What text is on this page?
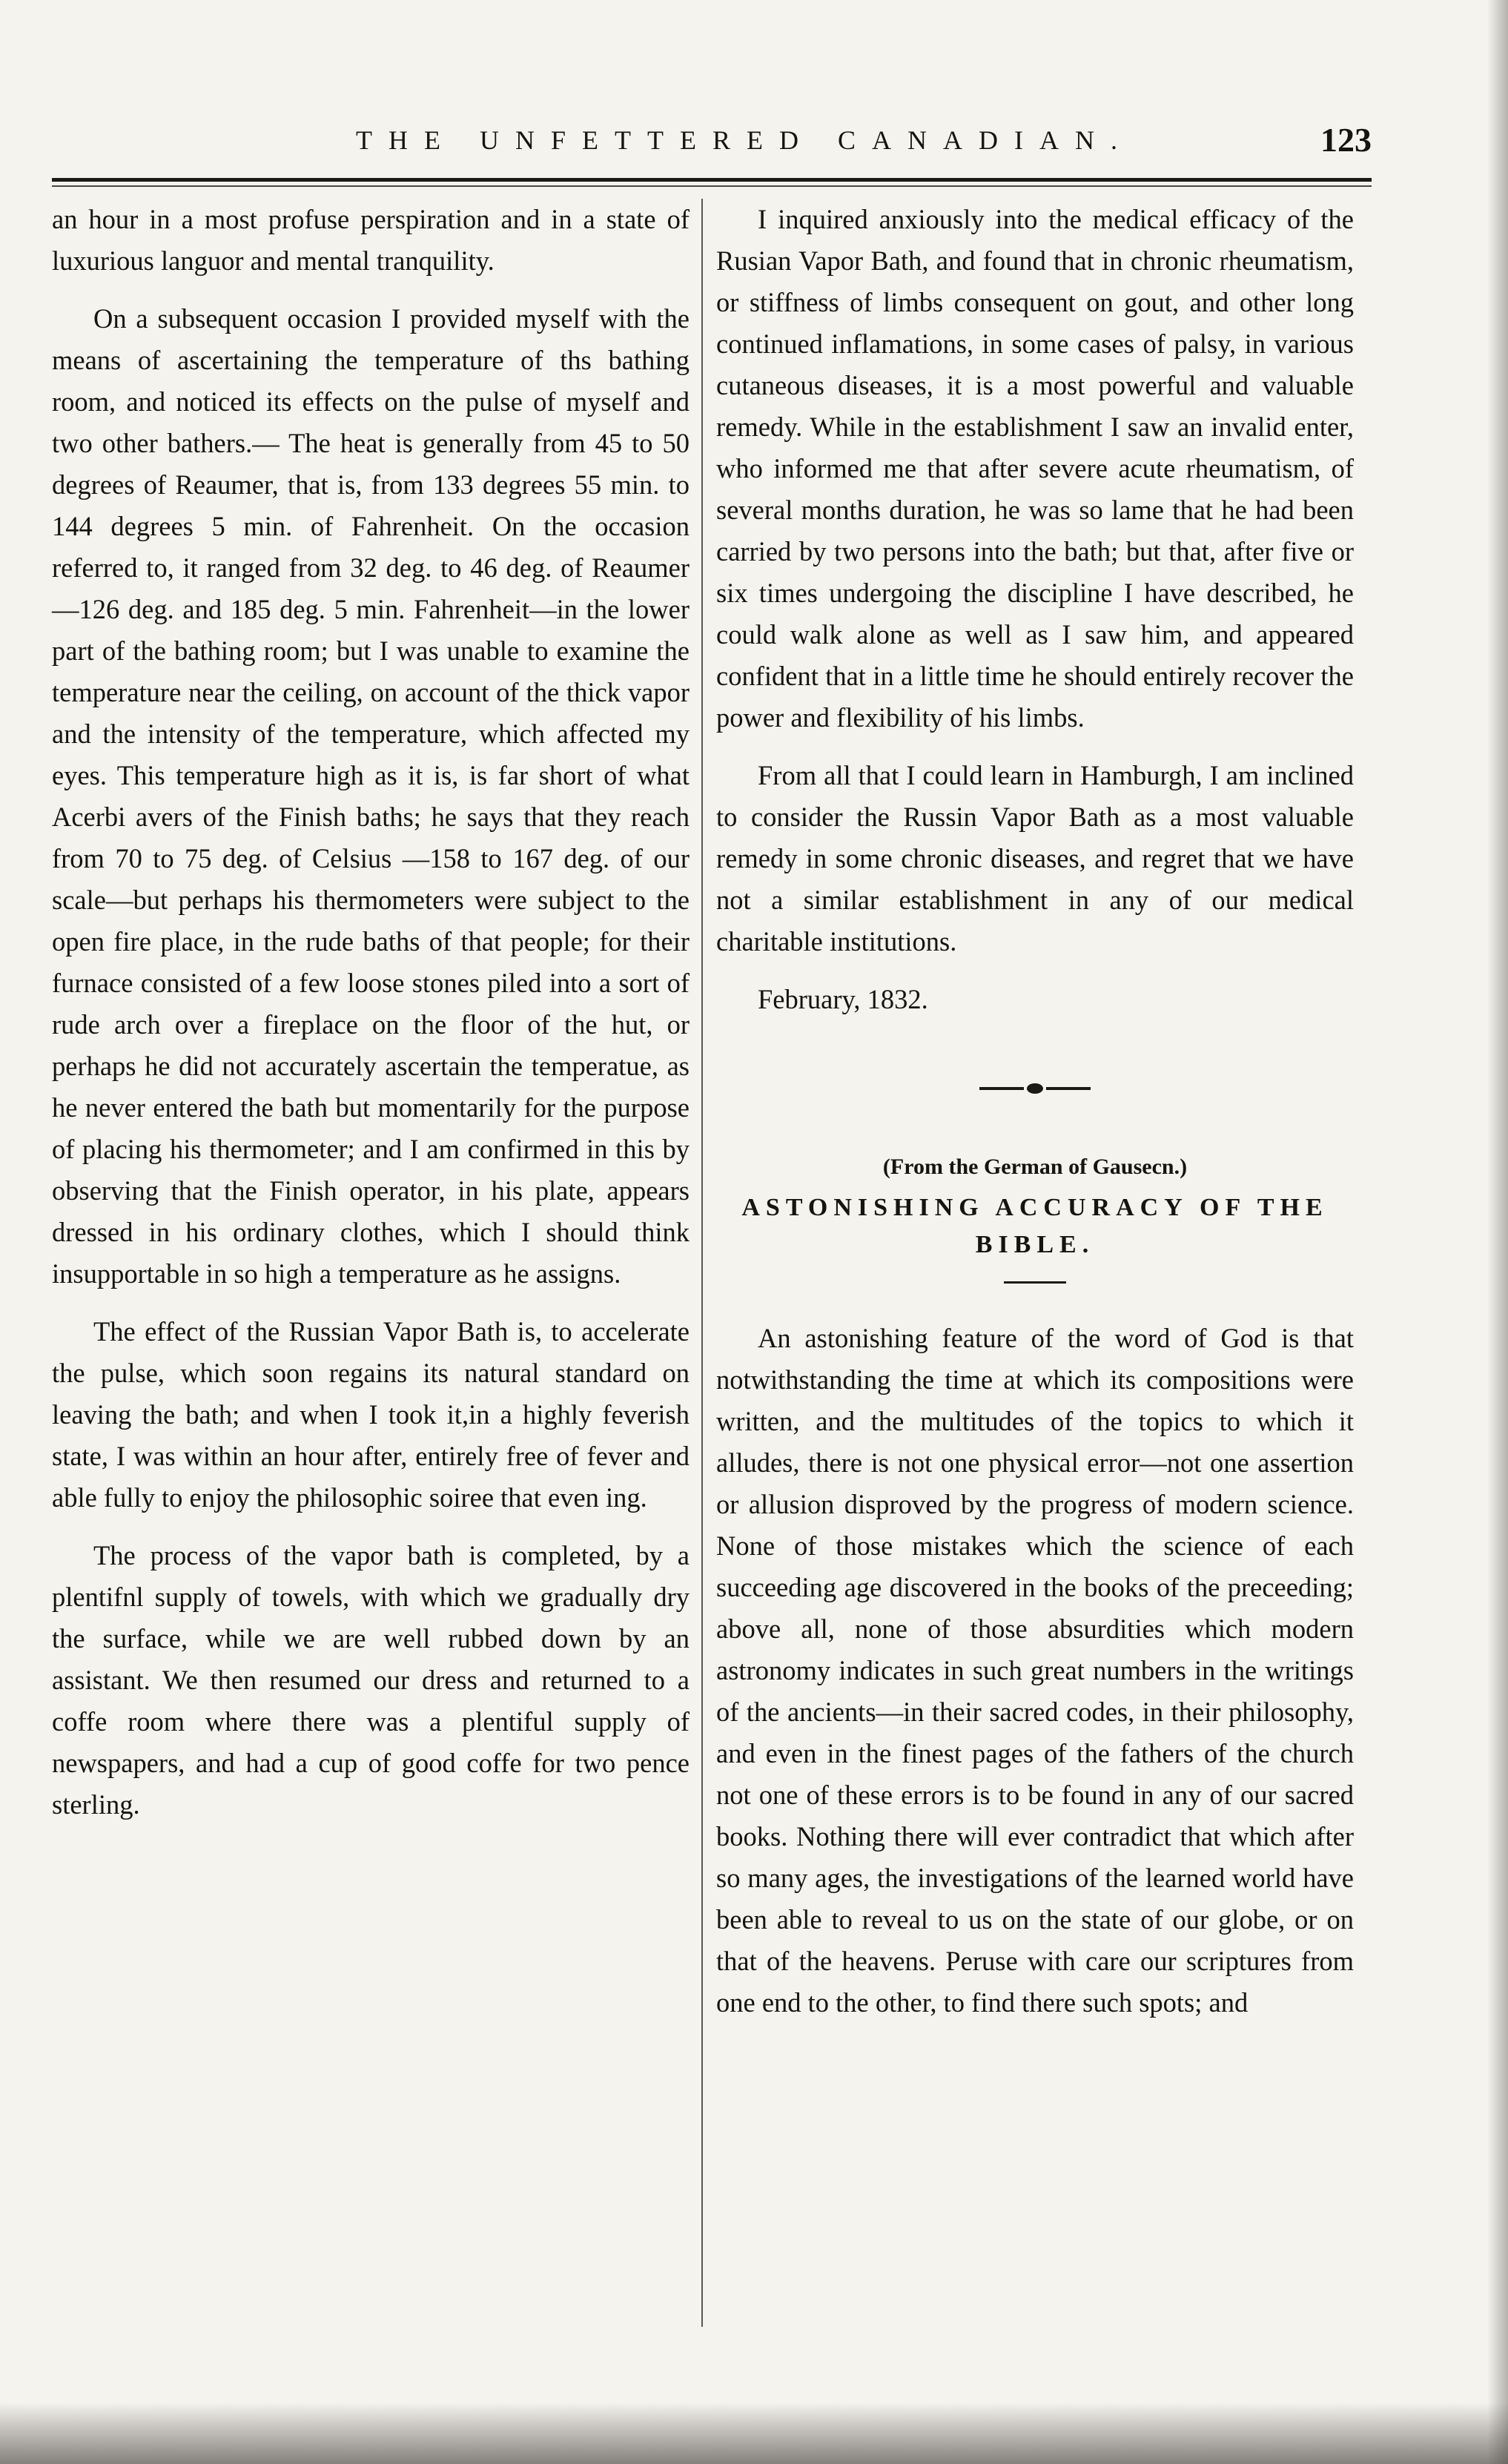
THE UNFETTERED CANADIAN.	123

an hour in a most profuse perspiration and in a state of luxurious languor and mental tranquility.

On a subsequent occasion I provided myself with the means of ascertaining the temperature of ths bathing room, and noticed its effects on the pulse of myself and two other bathers.— The heat is generally from 45 to 50 degrees of Reaumer, that is, from 133 degrees 55 min. to 144 degrees 5 min. of Fahrenheit. On the occasion referred to, it ranged from 32 deg. to 46 deg. of Reaumer—126 deg. and 185 deg. 5 min. Fahrenheit—in the lower part of the bathing room; but I was unable to examine the temperature near the ceiling, on account of the thick vapor and the intensity of the temperature, which affected my eyes. This temperature high as it is, is far short of what Acerbi avers of the Finish baths; he says that they reach from 70 to 75 deg. of Celsius —158 to 167 deg. of our scale—but perhaps his thermometers were subject to the open fire place, in the rude baths of that people; for their furnace consisted of a few loose stones piled into a sort of rude arch over a fireplace on the floor of the hut, or perhaps he did not accurately ascertain the temperatue, as he never entered the bath but momentarily for the purpose of placing his thermometer; and I am confirmed in this by observing that the Finish operator, in his plate, appears dressed in his ordinary clothes, which I should think insupportable in so high a temperature as he assigns.

The effect of the Russian Vapor Bath is, to accelerate the pulse, which soon regains its natural standard on leaving the bath; and when I took it,in a highly feverish state, I was within an hour after, entirely free of fever and able fully to enjoy the philosophic soiree that even ing.

The process of the vapor bath is completed, by a plentifnl supply of towels, with which we gradually dry the surface, while we are well rubbed down by an assistant. We then resumed our dress and returned to a coffe room where there was a plentiful supply of newspapers, and had a cup of good coffe for two pence sterling.

I inquired anxiously into the medical efficacy of the Rusian Vapor Bath, and found that in chronic rheumatism, or stiffness of limbs consequent on gout, and other long continued inflamations, in some cases of palsy, in various cutaneous diseases, it is a most powerful and valuable remedy. While in the establishment I saw an invalid enter, who informed me that after severe acute rheumatism, of several months duration, he was so lame that he had been carried by two persons into the bath; but that, after five or six times undergoing the discipline I have described, he could walk alone as well as I saw him, and appeared confident that in a little time he should entirely recover the power and flexibility of his limbs.

From all that I could learn in Hamburgh, I am inclined to consider the Russin Vapor Bath as a most valuable remedy in some chronic diseases, and regret that we have not a similar establishment in any of our medical charitable institutions.

February, 1832.
(From the German of Gausecn.)
ASTONISHING ACCURACY OF THE BIBLE.

An astonishing feature of the word of God is that notwithstanding the time at which its compositions were written, and the multitudes of the topics to which it alludes, there is not one physical error—not one assertion or allusion disproved by the progress of modern science. None of those mistakes which the science of each succeeding age discovered in the books of the preceeding; above all, none of those absurdities which modern astronomy indicates in such great numbers in the writings of the ancients—in their sacred codes, in their philosophy, and even in the finest pages of the fathers of the church not one of these errors is to be found in any of our sacred books. Nothing there will ever contradict that which after so many ages, the investigations of the learned world have been able to reveal to us on the state of our globe, or on that of the heavens. Peruse with care our scriptures from one end to the other, to find there such spots; and
